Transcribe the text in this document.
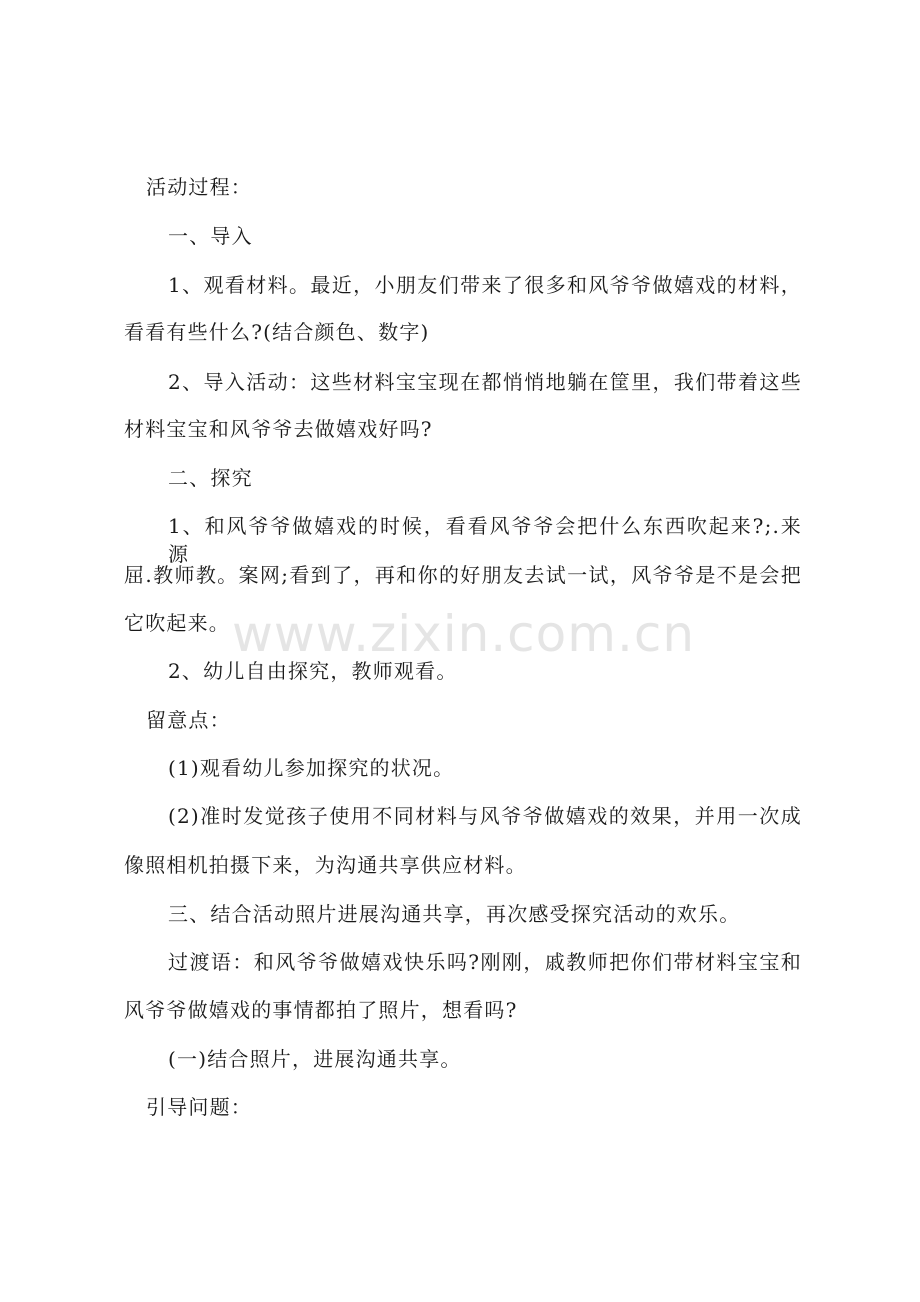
www.zixin.com.cn
活动过程：
一、导入
1、观看材料。最近，小朋友们带来了很多和风爷爷做嬉戏的材料，
看看有些什么?(结合颜色、数字)
2、导入活动：这些材料宝宝现在都悄悄地躺在筐里，我们带着这些
材料宝宝和风爷爷去做嬉戏好吗?
二、探究
1、和风爷爷做嬉戏的时候，看看风爷爷会把什么东西吹起来?;.来源
屈.教师教。案网;看到了，再和你的好朋友去试一试，风爷爷是不是会把
它吹起来。
2、幼儿自由探究，教师观看。
留意点：
(1)观看幼儿参加探究的状况。
(2)准时发觉孩子使用不同材料与风爷爷做嬉戏的效果，并用一次成
像照相机拍摄下来，为沟通共享供应材料。
三、结合活动照片进展沟通共享，再次感受探究活动的欢乐。
过渡语：和风爷爷做嬉戏快乐吗?刚刚，戚教师把你们带材料宝宝和
风爷爷做嬉戏的事情都拍了照片，想看吗?
(一)结合照片，进展沟通共享。
引导问题：
